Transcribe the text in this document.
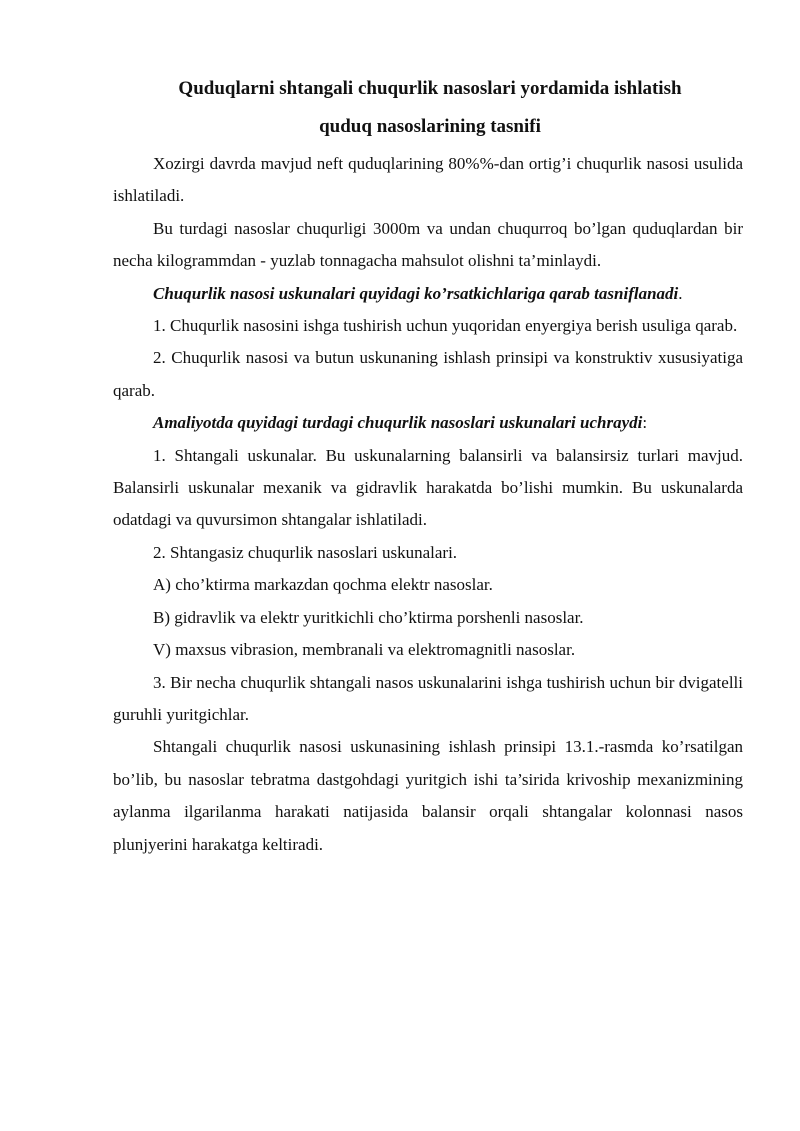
Quduqlarni shtangali chuqurlik nasoslari yordamida ishlatish
quduq nasoslarining tasnifi

Xozirgi davrda mavjud neft quduqlarining 80%%-dan ortig’i chuqurlik nasosi usulida ishlatiladi.

Bu turdagi nasoslar chuqurligi 3000m va undan chuqurroq bo’lgan quduqlardan bir necha kilogrammdan - yuzlab tonnagacha mahsulot olishni ta’minlaydi.

Chuqurlik nasosi uskunalari quyidagi ko’rsatkichlariga qarab tasniflanadi.

1. Chuqurlik nasosini ishga tushirish uchun yuqoridan enyergiya berish usuliga qarab.

2. Chuqurlik nasosi va butun uskunaning ishlash prinsipi va konstruktiv xususiyatiga qarab.

Amaliyotda quyidagi turdagi chuqurlik nasoslari uskunalari uchraydi:

1. Shtangali uskunalar. Bu uskunalarning balansirli va balansirsiz turlari mavjud. Balansirli uskunalar mexanik va gidravlik harakatda bo’lishi mumkin. Bu uskunalarda odatdagi va quvursimon shtangalar ishlatiladi.

2. Shtangasiz chuqurlik nasoslari uskunalari.

A) cho’ktirma markazdan qochma elektr nasoslar.

B) gidravlik va elektr yuritkichli cho’ktirma porshenli nasoslar.

V) maxsus vibrasion, membranali va elektromagnitli nasoslar.

3. Bir necha chuqurlik shtangali nasos uskunalarini ishga tushirish uchun bir dvigatelli guruhli yuritgichlar.

Shtangali chuqurlik nasosi uskunasining ishlash prinsipi 13.1.-rasmda ko’rsatilgan bo’lib, bu nasoslar tebratma dastgohdagi yuritgich ishi ta’sirida krivoship mexanizmining aylanma ilgarilanma harakati natijasida balansir orqali shtangalar kolonnasi nasos plunjyerini harakatga keltiradi.
